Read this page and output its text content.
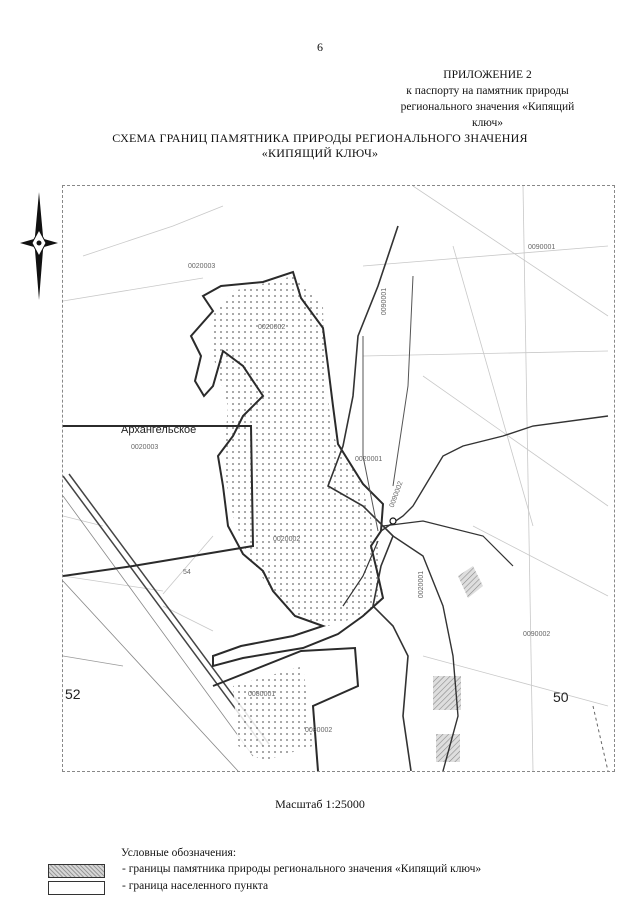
6
ПРИЛОЖЕНИЕ 2
к паспорту на памятник природы
регионального значения «Кипящий
ключ»
СХЕМА ГРАНИЦ ПАМЯТНИКА ПРИРОДЫ РЕГИОНАЛЬНОГО ЗНАЧЕНИЯ
«КИПЯЩИЙ КЛЮЧ»
Архангельское
52	50
0020003
0020002
0020003
0020001
0020002
0080002
0090001
0020001
0090002
0080001
0090002
0090001
54
Масштаб 1:25000
Условные обозначения:
- границы памятника природы регионального значения «Кипящий ключ»
- граница населенного пункта
